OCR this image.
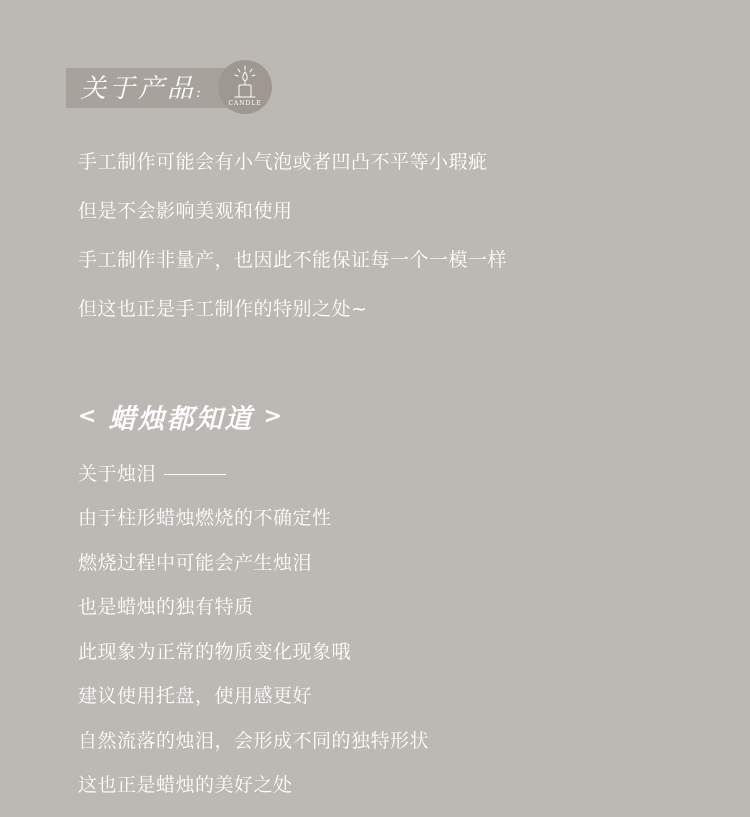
关于产品:
CANDLE
手工制作可能会有小气泡或者凹凸不平等小瑕疵
但是不会影响美观和使用
手工制作非量产，也因此不能保证每一个一模一样
但这也正是手工制作的特别之处~
< 蜡烛都知道 >
关于烛泪
由于柱形蜡烛燃烧的不确定性
燃烧过程中可能会产生烛泪
也是蜡烛的独有特质
此现象为正常的物质变化现象哦
建议使用托盘，使用感更好
自然流落的烛泪，会形成不同的独特形状
这也正是蜡烛的美好之处
